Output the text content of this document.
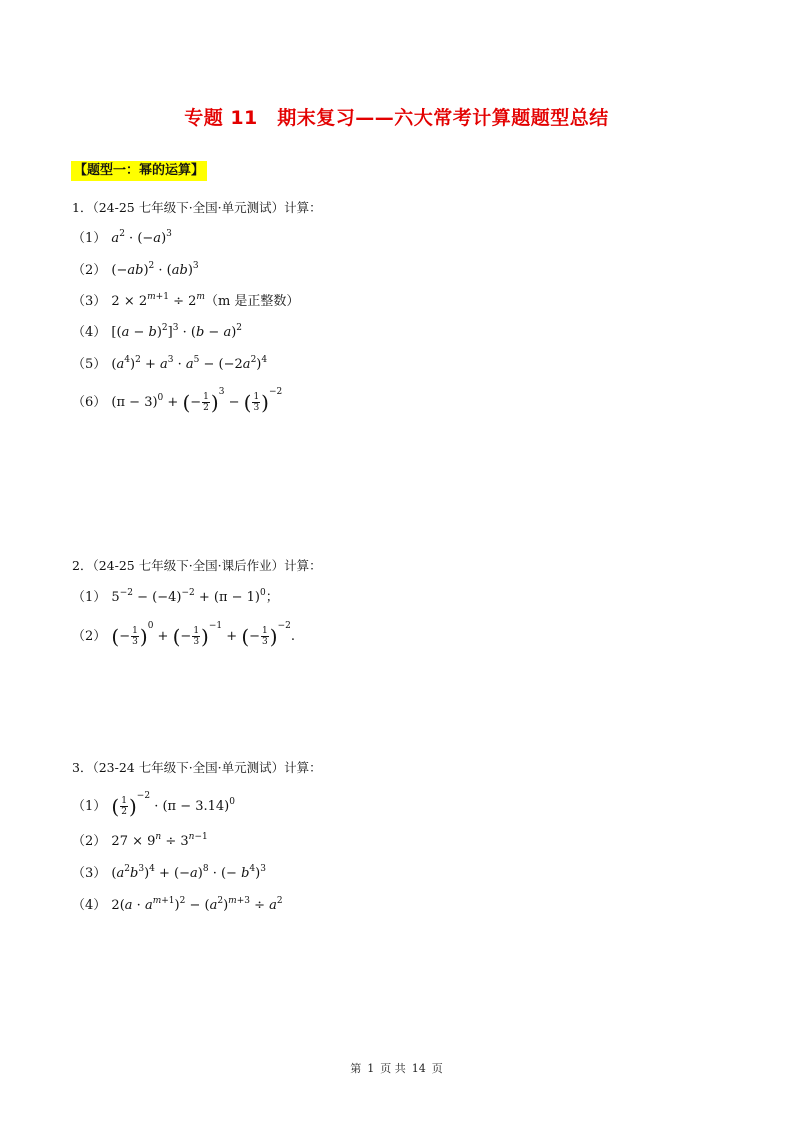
专题 11　期末复习——六大常考计算题题型总结
【题型一：幂的运算】
1．（24-25 七年级下·全国·单元测试）计算：
（1） $a^2 \cdot (-a)^3$
（2） $(-ab)^2 \cdot (ab)^3$
（3） $2 \times 2^{m+1} \div 2^m(m$ 是正整数）
（4） $[(a - b)^2]^3 \cdot (b - a)^2$
（5） $(a^4)^2 + a^3 \cdot a^5 - (-2a^2)^4$
（6） $(\pi - 3)^0$ + (− $\frac{1}{2} )^3$ − ( $\frac{1}{3} )^{-2}$
2．（24-25 七年级下·全国·课后作业）计算：
（1） $5^{-2} - (-4)^{-2} + (\pi - 1)^0$；
（2） (− $\frac{1}{3} )^0$ + (− $\frac{1}{3} )^{-1}$ + (− $\frac{1}{3} )^{-2}$.
3．（23-24 七年级下·全国·单元测试）计算：
（1） ( $\frac{1}{2} )^{-2} \cdot (\pi - 3.14)^0$
（2） $27 \times 9^n \div 3^{n-1}$
（3） $(a^2b^3)^4 + (-a)^8$ · (− $b^4)^3$
（4） $2(a \cdot a^{m+1})^2 - (a^2)^{m+3} \div a^2$
第 1 页 共 14 页
